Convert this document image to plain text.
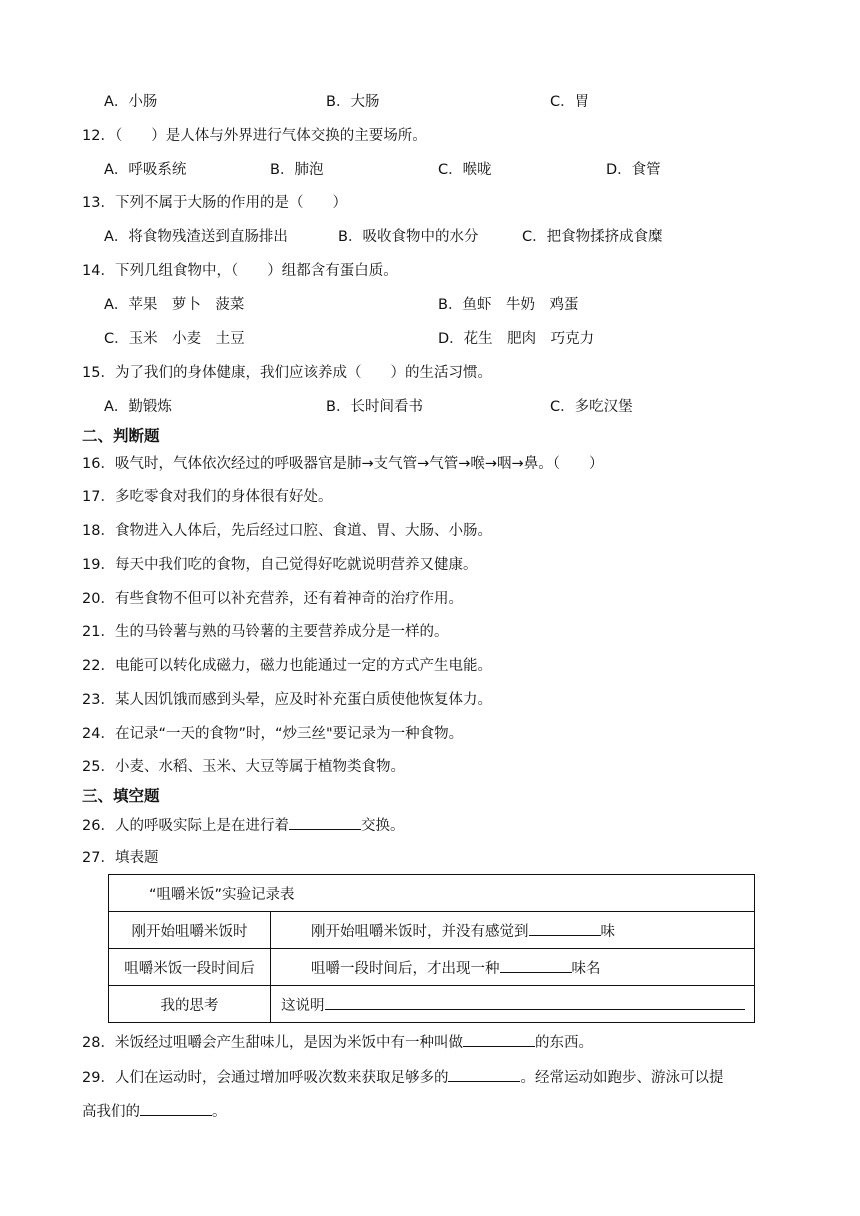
A．小肠	B．大肠	C．胃
12．（　　）是人体与外界进行气体交换的主要场所。
A．呼吸系统	B．肺泡	C．喉咙	D．食管
13．下列不属于大肠的作用的是（　　）
A．将食物残渣送到直肠排出	B．吸收食物中的水分	C．把食物揉挤成食糜
14．下列几组食物中，（　　）组都含有蛋白质。
A．苹果　萝卜　菠菜	B．鱼虾　牛奶　鸡蛋
C．玉米　小麦　土豆	D．花生　肥肉　巧克力
15．为了我们的身体健康，我们应该养成（　　）的生活习惯。
A．勤锻炼	B．长时间看书	C．多吃汉堡
二、判断题
16．吸气时，气体依次经过的呼吸器官是肺→支气管→气管→喉→咽→鼻。（　　）
17．多吃零食对我们的身体很有好处。
18．食物进入人体后，先后经过口腔、食道、胃、大肠、小肠。
19．每天中我们吃的食物，自己觉得好吃就说明营养又健康。
20．有些食物不但可以补充营养，还有着神奇的治疗作用。
21．生的马铃薯与熟的马铃薯的主要营养成分是一样的。
22．电能可以转化成磁力，磁力也能通过一定的方式产生电能。
23．某人因饥饿而感到头晕，应及时补充蛋白质使他恢复体力。
24．在记录“一天的食物”时，“炒三丝"要记录为一种食物。
25．小麦、水稻、玉米、大豆等属于植物类食物。
三、填空题
26．人的呼吸实际上是在进行着	交换。
27．填表题
“咀嚼米饭”实验记录表	
刚开始咀嚼米饭时	刚开始咀嚼米饭时，并没有感觉到 味
咀嚼米饭一段时间后	咀嚼一段时间后，才出现一种 味名
我的思考	这说明
28．米饭经过咀嚼会产生甜味儿，是因为米饭中有一种叫做	的东西。
29．人们在运动时，会通过增加呼吸次数来获取足够多的	。经常运动如跑步、游泳可以提
高我们的	。
